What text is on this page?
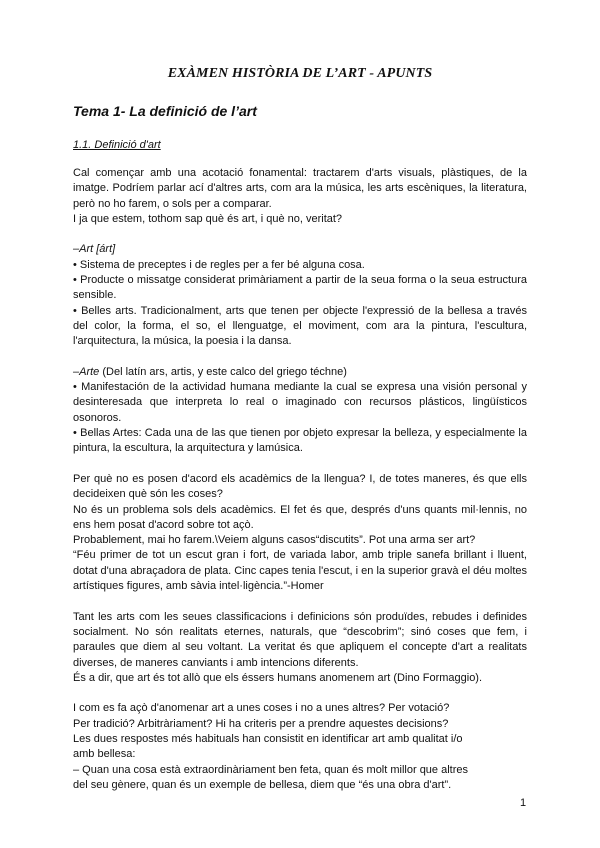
EXÀMEN HISTÒRIA DE L’ART - APUNTS
Tema 1- La definició de l’art
1.1. Definició d'art

Cal començar amb una acotació fonamental: tractarem d'arts visuals, plàstiques, de la imatge. Podríem parlar ací d'altres arts, com ara la música, les arts escèniques, la literatura, però no ho farem, o sols per a comparar.

I ja que estem, tothom sap què és art, i què no, veritat?

–Art [árt]

• Sistema de preceptes i de regles per a fer bé alguna cosa.

• Producte o missatge considerat primàriament a partir de la seua forma o la seua estructura sensible.

• Belles arts. Tradicionalment, arts que tenen per objecte l'expressió de la bellesa a través del color, la forma, el so, el llenguatge, el moviment, com ara la pintura, l'escultura, l'arquitectura, la música, la poesia i la dansa.

–Arte (Del latín ars, artis, y este calco del griego téchne)

• Manifestación de la actividad humana mediante la cual se expresa una visión personal y desinteresada que interpreta lo real o imaginado con recursos plásticos, lingüísticos osonoros.

• Bellas Artes: Cada una de las que tienen por objeto expresar la belleza, y especialmente la pintura, la escultura, la arquitectura y lamúsica.

Per què no es posen d'acord els acadèmics de la llengua? I, de totes maneres, és que ells decideixen què són les coses?

No és un problema sols dels acadèmics. El fet és que, després d'uns quants mil·lennis, no ens hem posat d'acord sobre tot açò.

Probablement, mai ho farem.\Veiem alguns casos“discutits”. Pot una arma ser art?

“Féu primer de tot un escut gran i fort, de variada labor, amb triple sanefa brillant i lluent, dotat d'una abraçadora de plata. Cinc capes tenia l'escut, i en la superior gravà el déu moltes artístiques figures, amb sàvia intel·ligència.”-Homer

Tant les arts com les seues classificacions i definicions són produïdes, rebudes i definides socialment. No són realitats eternes, naturals, que “descobrim”; sinó coses que fem, i paraules que diem al seu voltant. La veritat és que apliquem el concepte d'art a realitats diverses, de maneres canviants i amb intencions diferents.

És a dir, que art és tot allò que els éssers humans anomenem art (Dino Formaggio).

I com es fa açò d'anomenar art a unes coses i no a unes altres? Per votació?

Per tradició? Arbitràriament? Hi ha criteris per a prendre aquestes decisions?

Les dues respostes més habituals han consistit en identificar art amb qualitat i/o

amb bellesa:

– Quan una cosa està extraordinàriament ben feta, quan és molt millor que altres

del seu gènere, quan és un exemple de bellesa, diem que “és una obra d'art”.

1
